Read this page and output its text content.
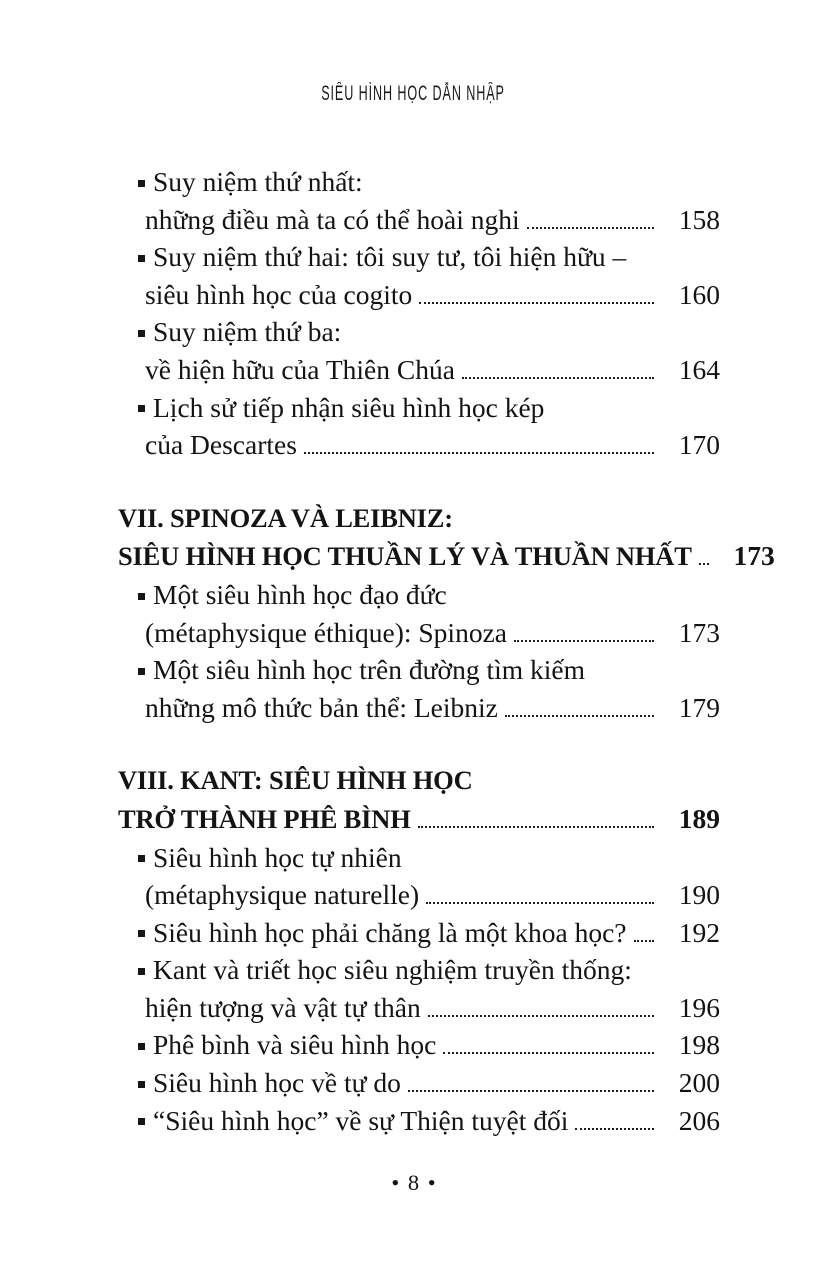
SIÊU HÌNH HỌC DẪN NHẬP
Suy niệm thứ nhất:
những điều mà ta có thể hoài nghi	158
Suy niệm thứ hai: tôi suy tư, tôi hiện hữu –
siêu hình học của cogito	160
Suy niệm thứ ba:
về hiện hữu của Thiên Chúa	164
Lịch sử tiếp nhận siêu hình học kép
của Descartes	170
VII. SPINOZA VÀ LEIBNIZ:
SIÊU HÌNH HỌC THUẦN LÝ VÀ THUẦN NHẤT 173
Một siêu hình học đạo đức
(métaphysique éthique): Spinoza	173
Một siêu hình học trên đường tìm kiếm
những mô thức bản thể: Leibniz	179
VIII. KANT: SIÊU HÌNH HỌC
TRỞ THÀNH PHÊ BÌNH	189
Siêu hình học tự nhiên
(métaphysique naturelle)	190
Siêu hình học phải chăng là một khoa học? 192
Kant và triết học siêu nghiệm truyền thống:
hiện tượng và vật tự thân	196
Phê bình và siêu hình học	198
Siêu hình học về tự do	200
“Siêu hình học” về sự Thiện tuyệt đối	206
• 8 •
